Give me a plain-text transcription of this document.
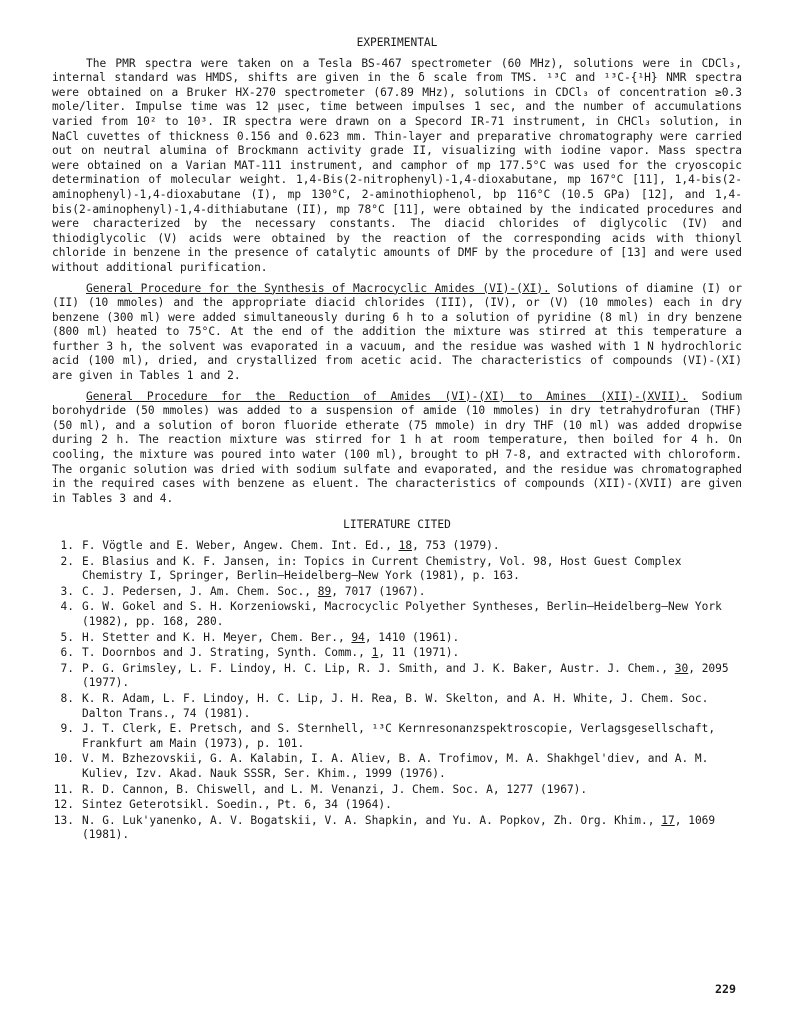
EXPERIMENTAL

The PMR spectra were taken on a Tesla BS-467 spectrometer (60 MHz), solutions were in CDCl₃, internal standard was HMDS, shifts are given in the δ scale from TMS. ¹³C and ¹³C-{¹H} NMR spectra were obtained on a Bruker HX-270 spectrometer (67.89 MHz), solutions in CDCl₃ of concentration ≥0.3 mole/liter. Impulse time was 12 μsec, time between impulses 1 sec, and the number of accumulations varied from 10² to 10³. IR spectra were drawn on a Specord IR-71 instrument, in CHCl₃ solution, in NaCl cuvettes of thickness 0.156 and 0.623 mm. Thin-layer and preparative chromatography were carried out on neutral alumina of Brockmann activity grade II, visualizing with iodine vapor. Mass spectra were obtained on a Varian MAT-111 instrument, and camphor of mp 177.5°C was used for the cryoscopic determination of molecular weight. 1,4-Bis(2-nitrophenyl)-1,4-dioxabutane, mp 167°C [11], 1,4-bis(2-aminophenyl)-1,4-dioxabutane (I), mp 130°C, 2-aminothiophenol, bp 116°C (10.5 GPa) [12], and 1,4-bis(2-aminophenyl)-1,4-dithiabutane (II), mp 78°C [11], were obtained by the indicated procedures and were characterized by the necessary constants. The diacid chlorides of diglycolic (IV) and thiodiglycolic (V) acids were obtained by the reaction of the corresponding acids with thionyl chloride in benzene in the presence of catalytic amounts of DMF by the procedure of [13] and were used without additional purification.

General Procedure for the Synthesis of Macrocyclic Amides (VI)-(XI). Solutions of diamine (I) or (II) (10 mmoles) and the appropriate diacid chlorides (III), (IV), or (V) (10 mmoles) each in dry benzene (300 ml) were added simultaneously during 6 h to a solution of pyridine (8 ml) in dry benzene (800 ml) heated to 75°C. At the end of the addition the mixture was stirred at this temperature a further 3 h, the solvent was evaporated in a vacuum, and the residue was washed with 1 N hydrochloric acid (100 ml), dried, and crystallized from acetic acid. The characteristics of compounds (VI)-(XI) are given in Tables 1 and 2.

General Procedure for the Reduction of Amides (VI)-(XI) to Amines (XII)-(XVII). Sodium borohydride (50 mmoles) was added to a suspension of amide (10 mmoles) in dry tetrahydrofuran (THF) (50 ml), and a solution of boron fluoride etherate (75 mmole) in dry THF (10 ml) was added dropwise during 2 h. The reaction mixture was stirred for 1 h at room temperature, then boiled for 4 h. On cooling, the mixture was poured into water (100 ml), brought to pH 7-8, and extracted with chloroform. The organic solution was dried with sodium sulfate and evaporated, and the residue was chromatographed in the required cases with benzene as eluent. The characteristics of compounds (XII)-(XVII) are given in Tables 3 and 4.

LITERATURE CITED
1. F. Vögtle and E. Weber, Angew. Chem. Int. Ed., 18, 753 (1979).
2. E. Blasius and K. F. Jansen, in: Topics in Current Chemistry, Vol. 98, Host Guest Complex Chemistry I, Springer, Berlin–Heidelberg–New York (1981), p. 163.
3. C. J. Pedersen, J. Am. Chem. Soc., 89, 7017 (1967).
4. G. W. Gokel and S. H. Korzeniowski, Macrocyclic Polyether Syntheses, Berlin–Heidelberg–New York (1982), pp. 168, 280.
5. H. Stetter and K. H. Meyer, Chem. Ber., 94, 1410 (1961).
6. T. Doornbos and J. Strating, Synth. Comm., 1, 11 (1971).
7. P. G. Grimsley, L. F. Lindoy, H. C. Lip, R. J. Smith, and J. K. Baker, Austr. J. Chem., 30, 2095 (1977).
8. K. R. Adam, L. F. Lindoy, H. C. Lip, J. H. Rea, B. W. Skelton, and A. H. White, J. Chem. Soc. Dalton Trans., 74 (1981).
9. J. T. Clerk, E. Pretsch, and S. Sternhell, ¹³C Kernresonanzspektroscopie, Verlagsgesellschaft, Frankfurt am Main (1973), p. 101.
10. V. M. Bzhezovskii, G. A. Kalabin, I. A. Aliev, B. A. Trofimov, M. A. Shakhgel'diev, and A. M. Kuliev, Izv. Akad. Nauk SSSR, Ser. Khim., 1999 (1976).
11. R. D. Cannon, B. Chiswell, and L. M. Venanzi, J. Chem. Soc. A, 1277 (1967).
12. Sintez Geterotsikl. Soedin., Pt. 6, 34 (1964).
13. N. G. Luk'yanenko, A. V. Bogatskii, V. A. Shapkin, and Yu. A. Popkov, Zh. Org. Khim., 17, 1069 (1981).
229
